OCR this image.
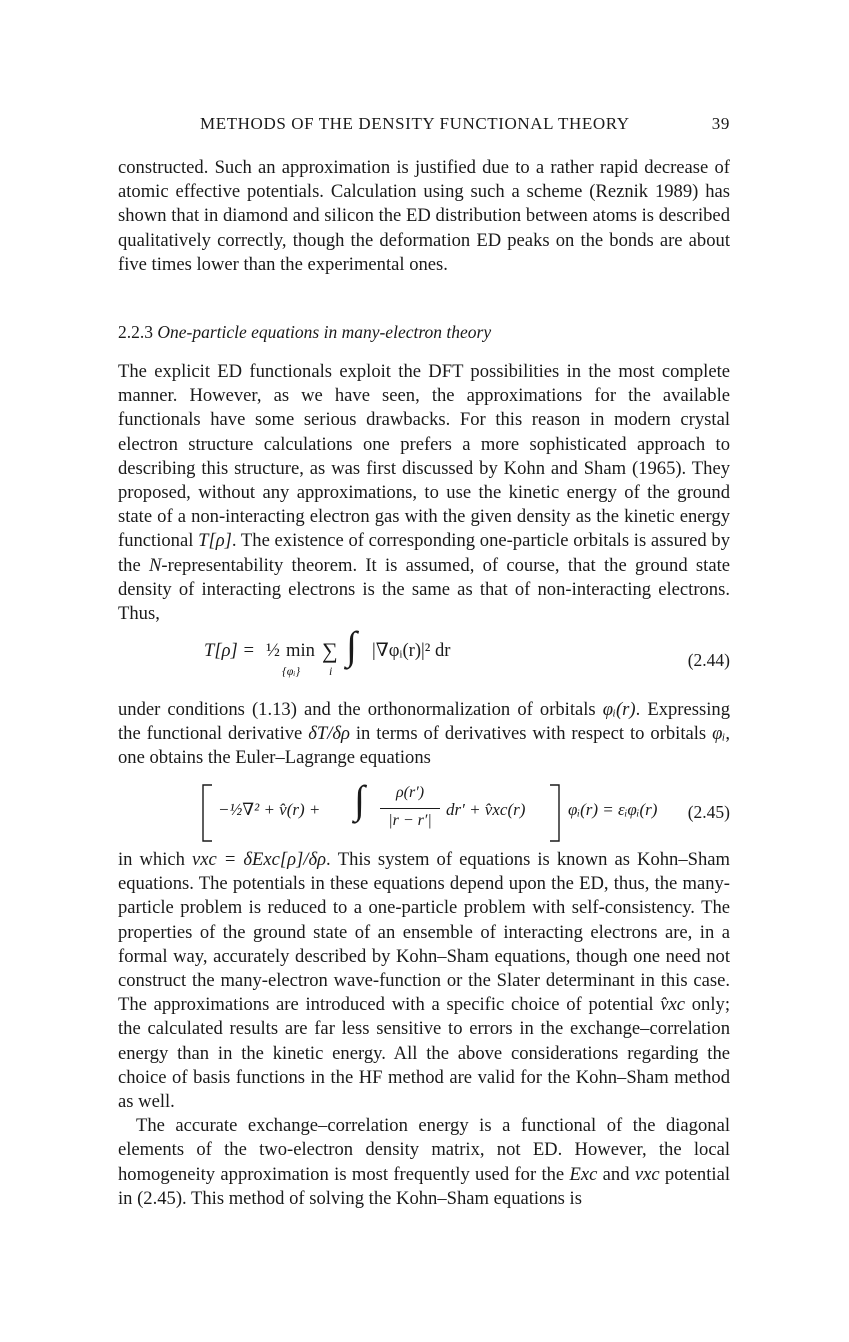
METHODS OF THE DENSITY FUNCTIONAL THEORY	39

constructed. Such an approximation is justified due to a rather rapid decrease of atomic effective potentials. Calculation using such a scheme (Reznik 1989) has shown that in diamond and silicon the ED distribution between atoms is described qualitatively correctly, though the deformation ED peaks on the bonds are about five times lower than the experimental ones.

2.2.3 One-particle equations in many-electron theory

The explicit ED functionals exploit the DFT possibilities in the most complete manner. However, as we have seen, the approximations for the available functionals have some serious drawbacks. For this reason in modern crystal electron structure calculations one prefers a more sophisticated approach to describing this structure, as was first discussed by Kohn and Sham (1965). They proposed, without any approximations, to use the kinetic energy of the ground state of a non-interacting electron gas with the given density as the kinetic energy functional T[ρ]. The existence of corresponding one-particle orbitals is assured by the N-representability theorem. It is assumed, of course, that the ground state density of interacting electrons is the same as that of non-interacting electrons. Thus,

T[ρ] = ½ min
{φᵢ}
∑
i
∫ |∇φᵢ(r)|² dr	(2.44)

under conditions (1.13) and the orthonormalization of orbitals φᵢ(r). Expressing the functional derivative δT/δρ in terms of derivatives with respect to orbitals φᵢ, one obtains the Euler–Lagrange equations

−½∇² + v̂(r) + ∫	ρ(r′)
|r − r′|
dr′ + v̂xc(r)	φᵢ(r) = εᵢφᵢ(r) (2.45)

in which vxc = δExc[ρ]/δρ. This system of equations is known as Kohn–Sham equations. The potentials in these equations depend upon the ED, thus, the many-particle problem is reduced to a one-particle problem with self-consistency. The properties of the ground state of an ensemble of interacting electrons are, in a formal way, accurately described by Kohn–Sham equations, though one need not construct the many-electron wave-function or the Slater determinant in this case. The approximations are introduced with a specific choice of potential v̂xc only; the calculated results are far less sensitive to errors in the exchange–correlation energy than in the kinetic energy. All the above considerations regarding the choice of basis functions in the HF method are valid for the Kohn–Sham method as well.

The accurate exchange–correlation energy is a functional of the diagonal elements of the two-electron density matrix, not ED. However, the local homogeneity approximation is most frequently used for the Exc and vxc potential in (2.45). This method of solving the Kohn–Sham equations is
